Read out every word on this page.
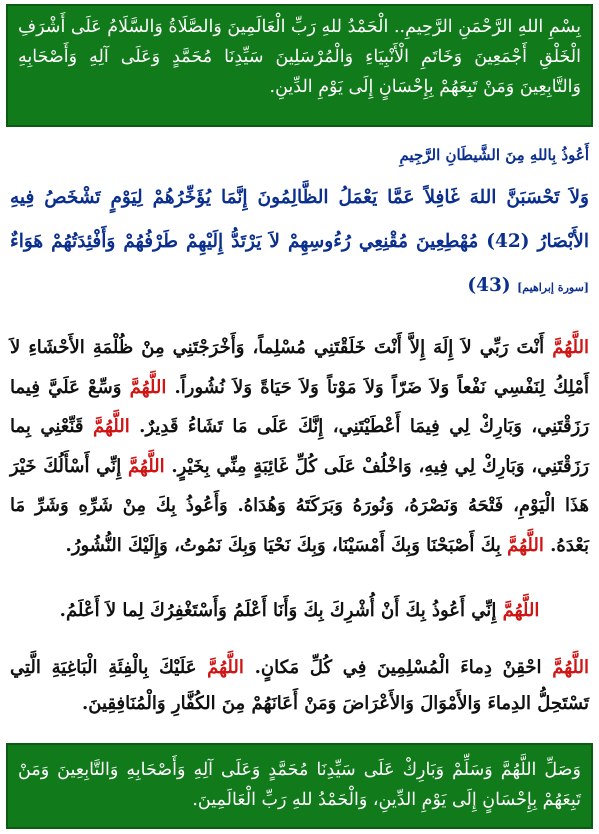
بِسْمِ اللهِ الرَّحْمَنِ الرَّحِيمِ.. الْحَمْدُ للهِ رَبِّ الْعَالَمِينَ وَالصَّلَاةُ وَالسَّلَامُ عَلَى أَشْرَفِ الْخَلْقِ أَجْمَعِينَ وَخَاتَمِ الْأَنْبِيَاءِ وَالْمُرْسَلِينَ سَيِّدِنَا مُحَمَّدٍ وَعَلَى آلِهِ وَأَصْحَابِهِ وَالتَّابِعِينَ وَمَنْ تَبِعَهُمْ بِإِحْسَانٍ إِلَى يَوْمِ الدِّينِ.
أَعُوذُ بِاللهِ مِنَ الشَّيطَانِ الرَّجِيمِ
وَلاَ تَحْسَبَنَّ اللهَ غَافِلاً عَمَّا يَعْمَلُ الظَّالِمُونَ إِنَّمَا يُؤَخِّرُهُمْ لِيَوْمٍ تَشْخَصُ فِيهِ الأَبْصَارُ (42) مُهْطِعِينَ مُقْنِعِي رُءُوسِهِمْ لاَ يَرْتَدُّ إِلَيْهِمْ طَرْفُهُمْ وَأَفْئِدَتُهُمْ هَوَاءٌ [سورة إبراهيم] (43)
اللَّهُمَّ أَنْتَ رَبِّي لاَ إِلَهَ إِلاَّ أَنْتَ خَلَقْتَنِي مُسْلِماً، وَأَخْرَجْتَنِي مِنْ ظُلْمَةِ الأَحْشَاءِ لاَ أَمْلِكُ لِنَفْسِي نَفْعاً وَلاَ ضَرّاً وَلاَ مَوْتاً وَلاَ حَيَاةً وَلاَ نُشُوراً. اللَّهُمَّ وَسِّعْ عَلَيَّ فِيما رَزَقْتَنِي، وَبَارِكْ لِي فِيمَا أَعْطَيْتَنِي، إِنَّكَ عَلَى مَا تَشَاءُ قَدِيرٌ. اللَّهُمَّ قَنِّعْنِي بِما رَزَقْتَنِي، وَبَارِكْ لِي فِيهِ، وَاخْلُفْ عَلَى كُلِّ غَائِبَةٍ مِنِّي بِخَيْرٍ. اللَّهُمَّ إِنِّي أَسْأَلُكَ خَيْرَ هَذَا الْيَوْمِ، فَتْحَهُ وَنَصْرَهُ، وَنُورَهُ وَبَرَكَتَهُ وَهُدَاهُ. وَأَعُوذُ بِكَ مِنْ شَرِّهِ وَشَرِّ مَا بَعْدَهُ. اللَّهُمَّ بِكَ أَصْبَحْنَا وَبِكَ أَمْسَيْنَا، وَبِكَ نَحْيَا وَبِكَ نَمُوتُ، وَإِلَيْكَ النُّشُورُ.
اللَّهُمَّ إِنِّي أَعُوذُ بِكَ أَنْ أُشْرِكَ بِكَ وَأَنَا أَعْلَمُ وَأَسْتَغْفِرُكَ لِما لاَ أَعْلَمُ.
اللَّهُمَّ احْقِنْ دِماءَ الْمُسْلِمِينَ فِي كُلِّ مَكانٍ. اللَّهُمَّ عَلَيْكَ بِالْفِئَةِ الْبَاغِيَةِ الَّتِي تَسْتَحِلُّ الدِماءَ وَالأَمْوَالَ وَالأَعْرَاضَ وَمَنْ أَعَانَهُمْ مِنَ الكُفَّارِ وَالْمُنَافِقِينَ.
وَصَلِّ اللَّهُمَّ وَسَلِّمْ وَبَارِكْ عَلَى سَيِّدِنَا مُحَمَّدٍ وَعَلَى آلِهِ وَأَصْحَابِهِ وَالتَّابِعِينَ وَمَنْ تَبِعَهُمْ بِإِحْسَانٍ إِلَى يَوْمِ الدِّينِ، وَالْحَمْدُ للهِ رَبِّ الْعَالَمِينَ.
